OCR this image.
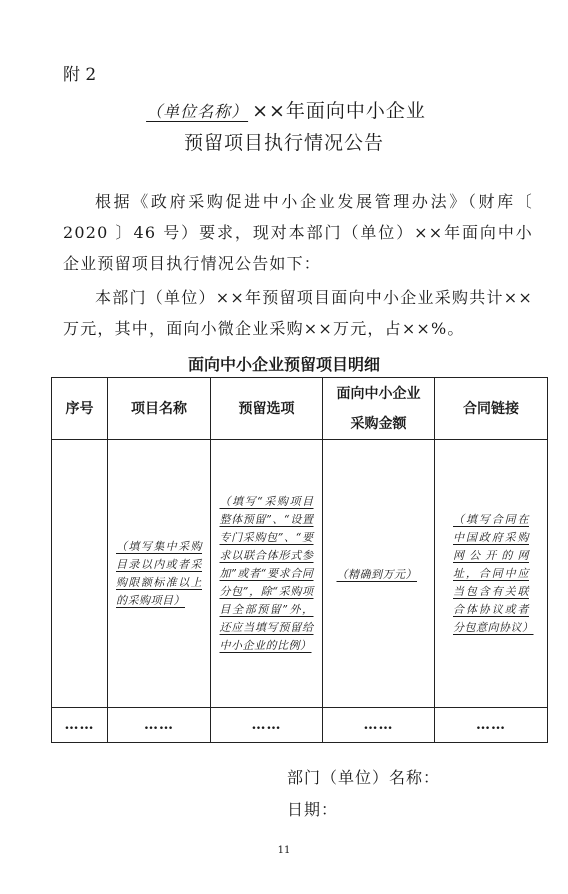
附 2
（单位名称） ××年面向中小企业
预留项目执行情况公告
根据《政府采购促进中小企业发展管理办法》（财库〔 2020 〕46 号）要求，现对本部门（单位）××年面向中小企业预留项目执行情况公告如下：
本部门（单位）××年预留项目面向中小企业采购共计××万元，其中，面向小微企业采购××万元，占××%。
面向中小企业预留项目明细
序号	项目名称	预留选项	面向中小企业采购金额	合同链接
	（填写集中采购目录以内或者采购限额标准以上的采购项目）	（填写“采购项目整体预留”、“设置专门采购包”、“要求以联合体形式参加”或者“要求合同分包”，除“采购项目全部预留”外，还应当填写预留给中小企业的比例）	（精确到万元）	（填写合同在中国政府采购网公开的网址，合同中应当包含有关联合体协议或者分包意向协议）
……	……	……	……	……
部门（单位）名称：
日期：
11
